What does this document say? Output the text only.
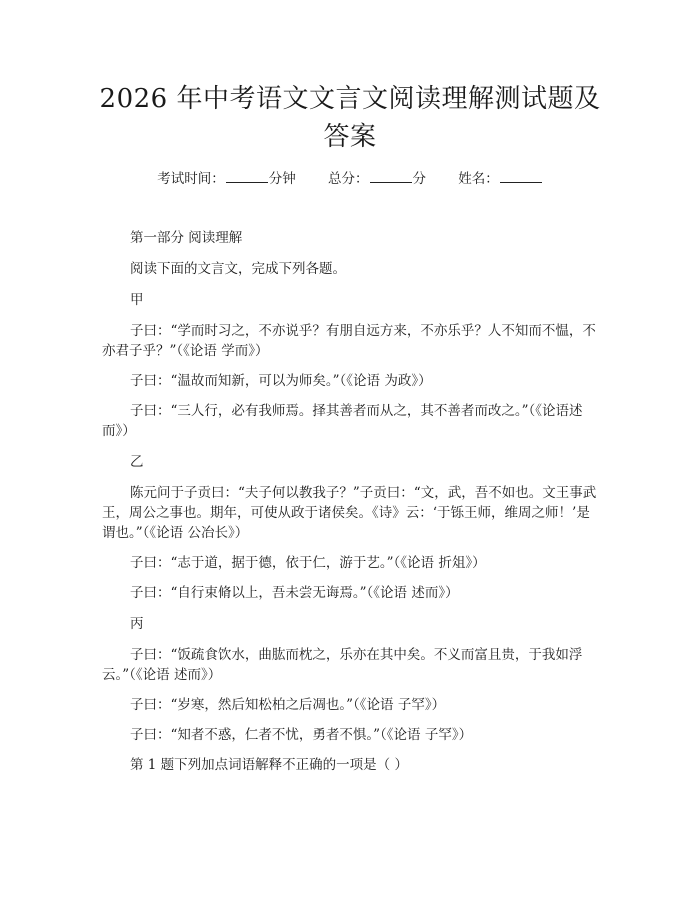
2026 年中考语文文言文阅读理解测试题及答案
考试时间：	分钟 总分：	分 姓名：

第一部分 阅读理解

阅读下面的文言文，完成下列各题。

甲

子曰：“学而时习之，不亦说乎？有朋自远方来，不亦乐乎？人不知而不愠，不亦君子乎？”（《论语 学而》）

子曰：“温故而知新，可以为师矣。”（《论语 为政》）

子曰：“三人行，必有我师焉。择其善者而从之，其不善者而改之。”（《论语述而》）

乙

陈元问于子贡曰：“夫子何以教我子？”子贡曰：“文，武，吾不如也。文王事武王，周公之事也。期年，可使从政于诸侯矣。《诗》云：‘于铄王师，维周之师！’是谓也。”（《论语 公冶长》）

子曰：“志于道，据于德，依于仁，游于艺。”（《论语 折俎》）

子曰：“自行束脩以上，吾未尝无诲焉。”（《论语 述而》）

丙

子曰：“饭疏食饮水，曲肱而枕之，乐亦在其中矣。不义而富且贵，于我如浮云。”（《论语 述而》）

子曰：“岁寒，然后知松柏之后凋也。”（《论语 子罕》）

子曰：“知者不惑，仁者不忧，勇者不惧。”（《论语 子罕》）

第 1 题下列加点词语解释不正确的一项是（ ）
